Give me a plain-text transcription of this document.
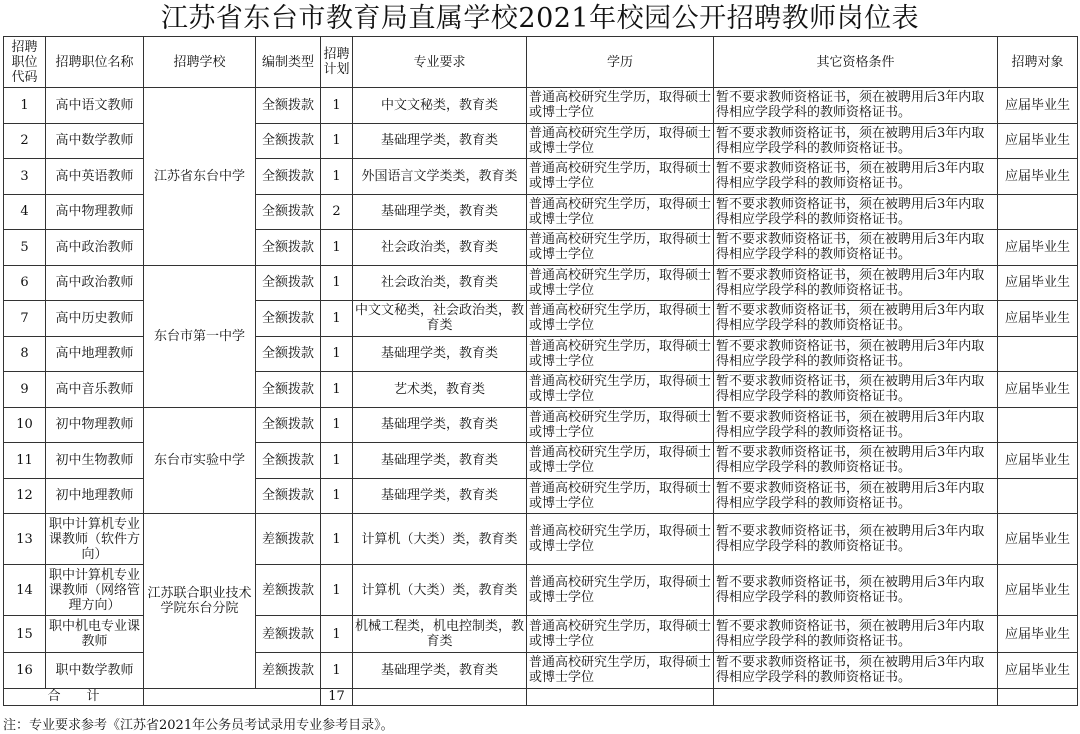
江苏省东台市教育局直属学校2021年校园公开招聘教师岗位表
招聘职位代码	招聘职位名称	招聘学校	编制类型	招聘计划	专业要求	学历	其它资格条件	招聘对象
1	高中语文教师	江苏省东台中学	全额拨款	1	中文文秘类，教育类	普通高校研究生学历，取得硕士或博士学位	暂不要求教师资格证书，须在被聘用后3年内取得相应学段学科的教师资格证书。	应届毕业生
2	高中数学教师		全额拨款	1	基础理学类，教育类	普通高校研究生学历，取得硕士或博士学位	暂不要求教师资格证书，须在被聘用后3年内取得相应学段学科的教师资格证书。	应届毕业生
3	高中英语教师		全额拨款	1	外国语言文学类类，教育类	普通高校研究生学历，取得硕士或博士学位	暂不要求教师资格证书，须在被聘用后3年内取得相应学段学科的教师资格证书。	应届毕业生
4	高中物理教师		全额拨款	2	基础理学类，教育类	普通高校研究生学历，取得硕士或博士学位	暂不要求教师资格证书，须在被聘用后3年内取得相应学段学科的教师资格证书。	
5	高中政治教师		全额拨款	1	社会政治类，教育类	普通高校研究生学历，取得硕士或博士学位	暂不要求教师资格证书，须在被聘用后3年内取得相应学段学科的教师资格证书。	应届毕业生
6	高中政治教师	东台市第一中学	全额拨款	1	社会政治类，教育类	普通高校研究生学历，取得硕士或博士学位	暂不要求教师资格证书，须在被聘用后3年内取得相应学段学科的教师资格证书。	应届毕业生
7	高中历史教师		全额拨款	1	中文文秘类，社会政治类，教育类	普通高校研究生学历，取得硕士或博士学位	暂不要求教师资格证书，须在被聘用后3年内取得相应学段学科的教师资格证书。	应届毕业生
8	高中地理教师		全额拨款	1	基础理学类，教育类	普通高校研究生学历，取得硕士或博士学位	暂不要求教师资格证书，须在被聘用后3年内取得相应学段学科的教师资格证书。	
9	高中音乐教师		全额拨款	1	艺术类，教育类	普通高校研究生学历，取得硕士或博士学位	暂不要求教师资格证书，须在被聘用后3年内取得相应学段学科的教师资格证书。	应届毕业生
10	初中物理教师	东台市实验中学	全额拨款	1	基础理学类，教育类	普通高校研究生学历，取得硕士或博士学位	暂不要求教师资格证书，须在被聘用后3年内取得相应学段学科的教师资格证书。	
11	初中生物教师		全额拨款	1	基础理学类，教育类	普通高校研究生学历，取得硕士或博士学位	暂不要求教师资格证书，须在被聘用后3年内取得相应学段学科的教师资格证书。	应届毕业生
12	初中地理教师		全额拨款	1	基础理学类，教育类	普通高校研究生学历，取得硕士或博士学位	暂不要求教师资格证书，须在被聘用后3年内取得相应学段学科的教师资格证书。	
13	职中计算机专业课教师（软件方向）	江苏联合职业技术学院东台分院	差额拨款	1	计算机（大类）类，教育类	普通高校研究生学历，取得硕士或博士学位	暂不要求教师资格证书，须在被聘用后3年内取得相应学段学科的教师资格证书。	应届毕业生
14	职中计算机专业课教师（网络管理方向）		差额拨款	1	计算机（大类）类，教育类	普通高校研究生学历，取得硕士或博士学位	暂不要求教师资格证书，须在被聘用后3年内取得相应学段学科的教师资格证书。	应届毕业生
15	职中机电专业课教师		差额拨款	1	机械工程类，机电控制类，教育类	普通高校研究生学历，取得硕士或博士学位	暂不要求教师资格证书，须在被聘用后3年内取得相应学段学科的教师资格证书。	应届毕业生
16	职中数学教师		差额拨款	1	基础理学类，教育类	普通高校研究生学历，取得硕士或博士学位	暂不要求教师资格证书，须在被聘用后3年内取得相应学段学科的教师资格证书。	应届毕业生
合　　计				17				
注：专业要求参考《江苏省2021年公务员考试录用专业参考目录》。
